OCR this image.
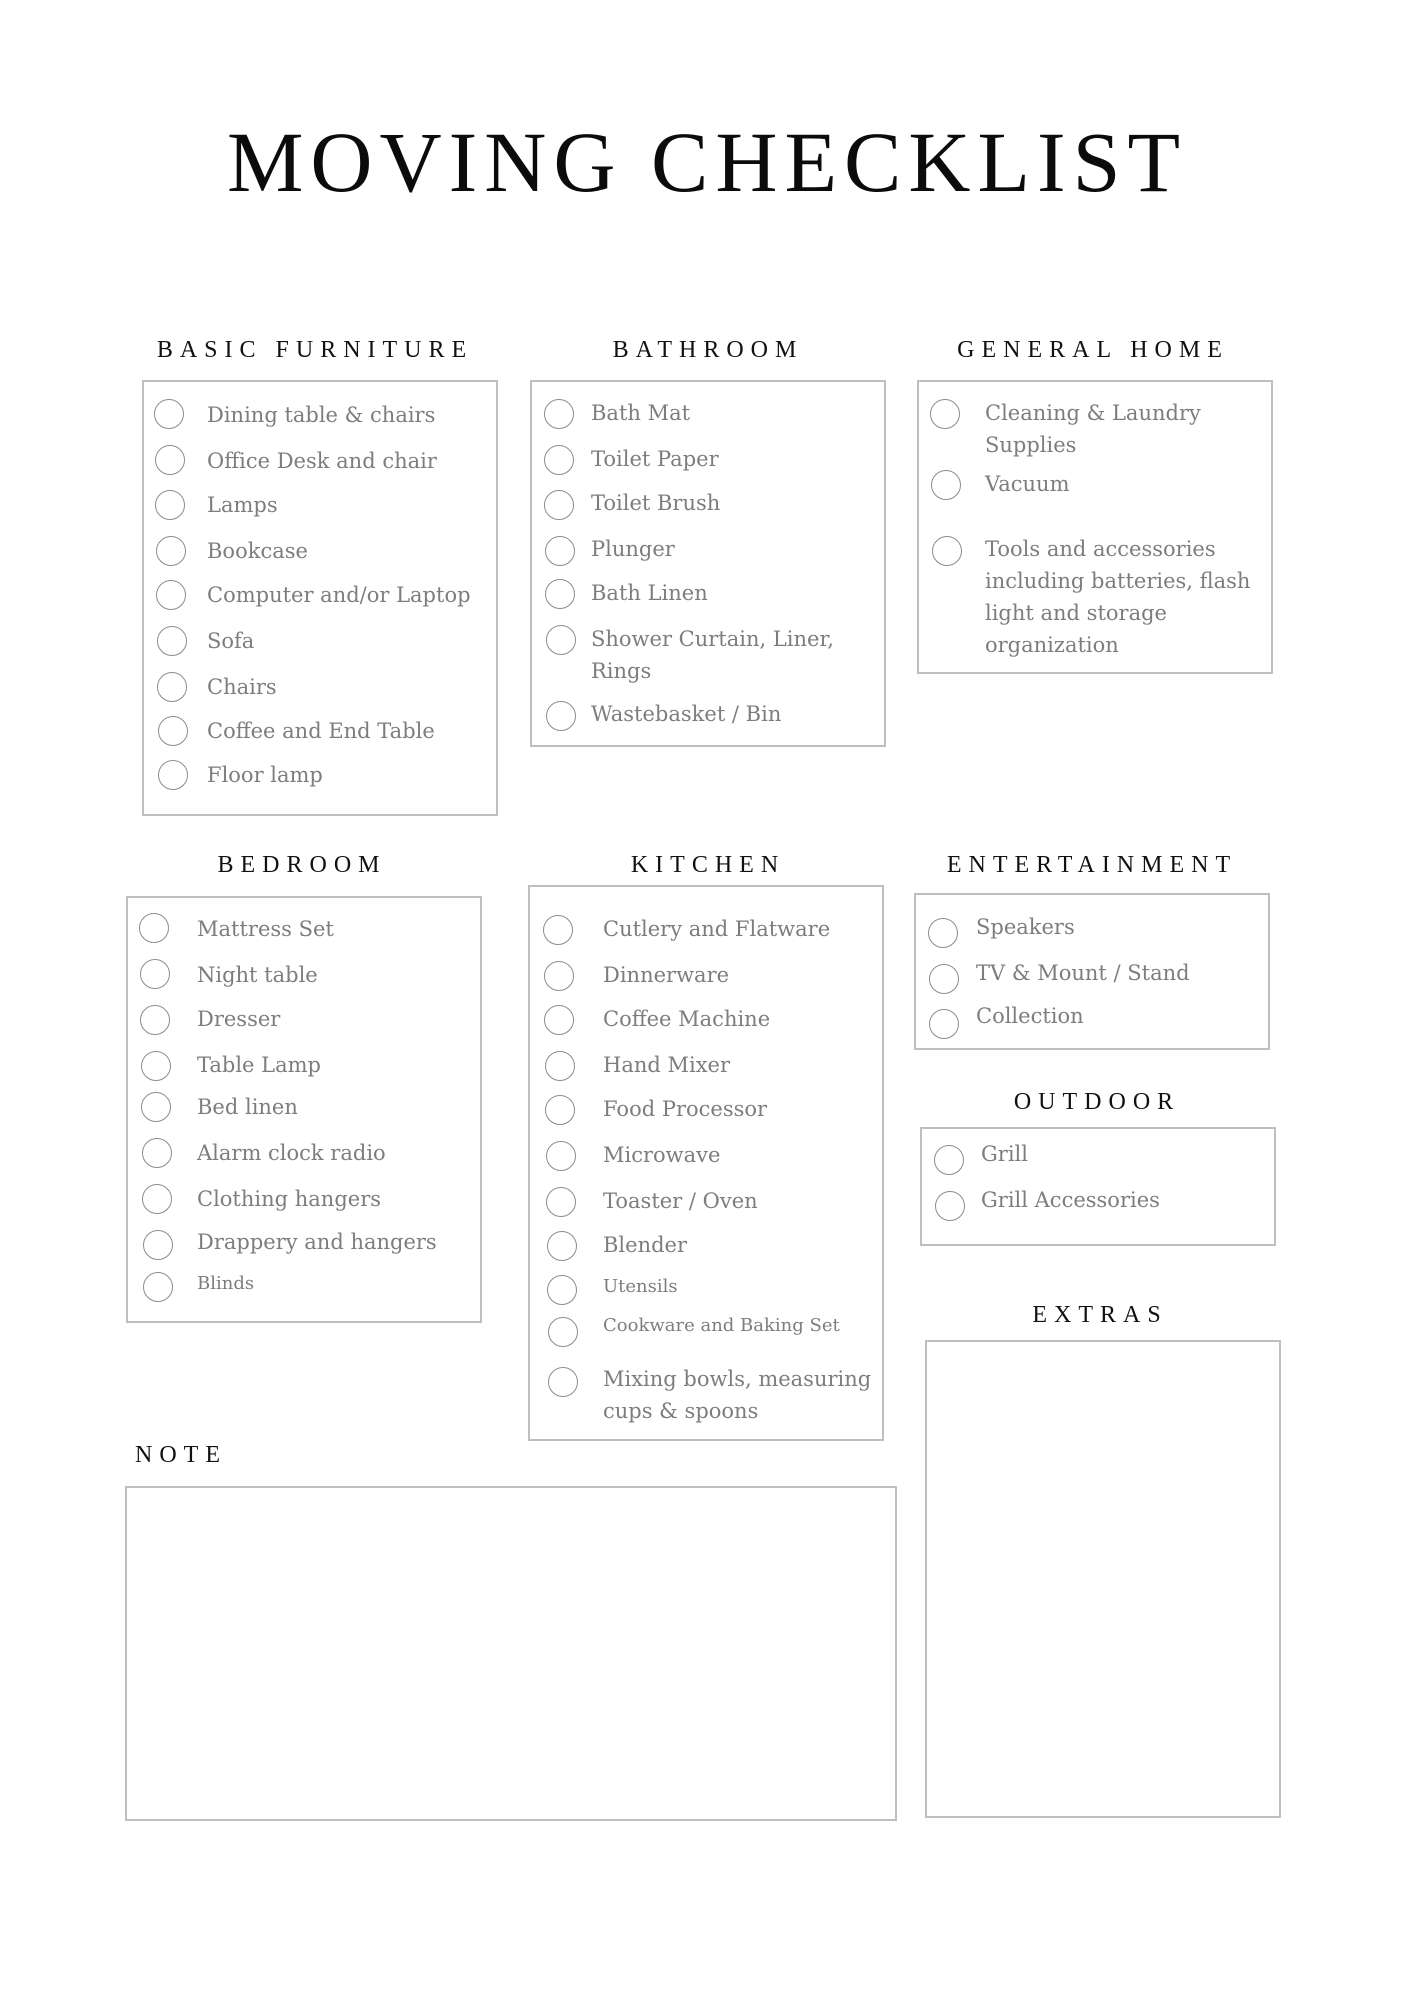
MOVING CHECKLIST
BASIC FURNITURE
Dining table & chairs
Office Desk and chair
Lamps
Bookcase
Computer and/or Laptop
Sofa
Chairs
Coffee and End Table
Floor lamp
BATHROOM
Bath Mat
Toilet Paper
Toilet Brush
Plunger
Bath Linen
Shower Curtain, Liner, Rings
Wastebasket / Bin
GENERAL HOME
Cleaning & Laundry Supplies
Vacuum
Tools and accessories including batteries, flash light and storage organization
BEDROOM
Mattress Set
Night table
Dresser
Table Lamp
Bed linen
Alarm clock radio
Clothing hangers
Drappery and hangers
Blinds
KITCHEN
Cutlery and Flatware
Dinnerware
Coffee Machine
Hand Mixer
Food Processor
Microwave
Toaster / Oven
Blender
Utensils
Cookware and Baking Set
Mixing bowls, measuring cups & spoons
ENTERTAINMENT
Speakers
TV & Mount / Stand
Collection
OUTDOOR
Grill
Grill Accessories
EXTRAS
NOTE
